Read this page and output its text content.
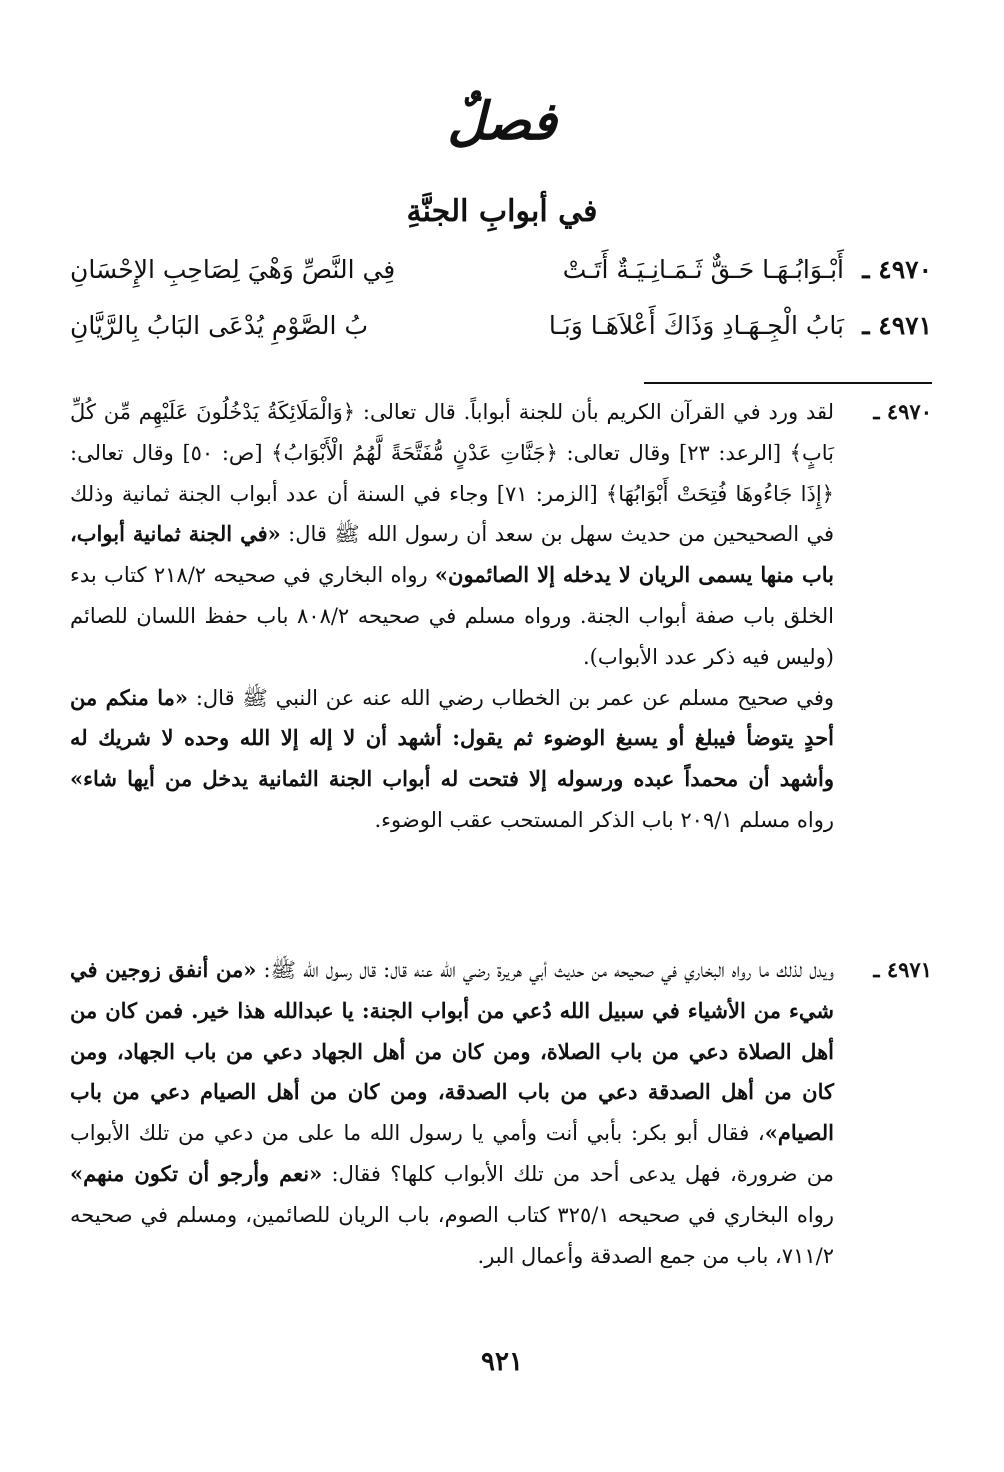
فصلٌ
في أبوابِ الجنَّةِ
٤٩٧٠ ـ
أَبْـوَابُـهَـا حَـقٌّ ثَـمَـانِـيَـةٌ أَتَـتْ
فِي النَّصِّ وَهْيَ لِصَاحِبِ الإِحْسَانِ
٤٩٧١ ـ
بَابُ الْجِـهَـادِ وَذَاكَ أَعْلاَهَـا وَبَـا
بُ الصَّوْمِ يُدْعَى البَابُ بِالرَّيَّانِ
٤٩٧٠ ـ

لقد ورد في القرآن الكريم بأن للجنة أبواباً. قال تعالى: ﴿وَالْمَلَائِكَةُ يَدْخُلُونَ عَلَيْهِم مِّن كُلِّ بَابٍ﴾ [الرعد: ٢٣] وقال تعالى: ﴿جَنَّاتِ عَدْنٍ مُّفَتَّحَةً لَّهُمُ الْأَبْوَابُ﴾ [ص: ٥٠] وقال تعالى: ﴿إِذَا جَاءُوهَا فُتِحَتْ أَبْوَابُهَا﴾ [الزمر: ٧١] وجاء في السنة أن عدد أبواب الجنة ثمانية وذلك في الصحيحين من حديث سهل بن سعد أن رسول الله ﷺ قال: «في الجنة ثمانية أبواب، باب منها يسمى الريان لا يدخله إلا الصائمون» رواه البخاري في صحيحه ٢١٨/٢ كتاب بدء الخلق باب صفة أبواب الجنة. ورواه مسلم في صحيحه ٨٠٨/٢ باب حفظ اللسان للصائم (وليس فيه ذكر عدد الأبواب).

وفي صحيح مسلم عن عمر بن الخطاب رضي الله عنه عن النبي ﷺ قال: «ما منكم من أحدٍ يتوضأ فيبلغ أو يسبغ الوضوء ثم يقول: أشهد أن لا إله إلا الله وحده لا شريك له وأشهد أن محمداً عبده ورسوله إلا فتحت له أبواب الجنة الثمانية يدخل من أيها شاء» رواه مسلم ٢٠٩/١ باب الذكر المستحب عقب الوضوء.

٤٩٧١ ـ

ويدل لذلك ما رواه البخاري في صحيحه من حديث أبي هريرة رضي الله عنه قال: قال رسول الله ﷺ: «من أنفق زوجين في شيء من الأشياء في سبيل الله دُعي من أبواب الجنة: يا عبدالله هذا خير. فمن كان من أهل الصلاة دعي من باب الصلاة، ومن كان من أهل الجهاد دعي من باب الجهاد، ومن كان من أهل الصدقة دعي من باب الصدقة، ومن كان من أهل الصيام دعي من باب الصيام»، فقال أبو بكر: بأبي أنت وأمي يا رسول الله ما على من دعي من تلك الأبواب من ضرورة، فهل يدعى أحد من تلك الأبواب كلها؟ فقال: «نعم وأرجو أن تكون منهم» رواه البخاري في صحيحه ٣٢٥/١ كتاب الصوم، باب الريان للصائمين، ومسلم في صحيحه ٧١١/٢، باب من جمع الصدقة وأعمال البر.

٩٢١
